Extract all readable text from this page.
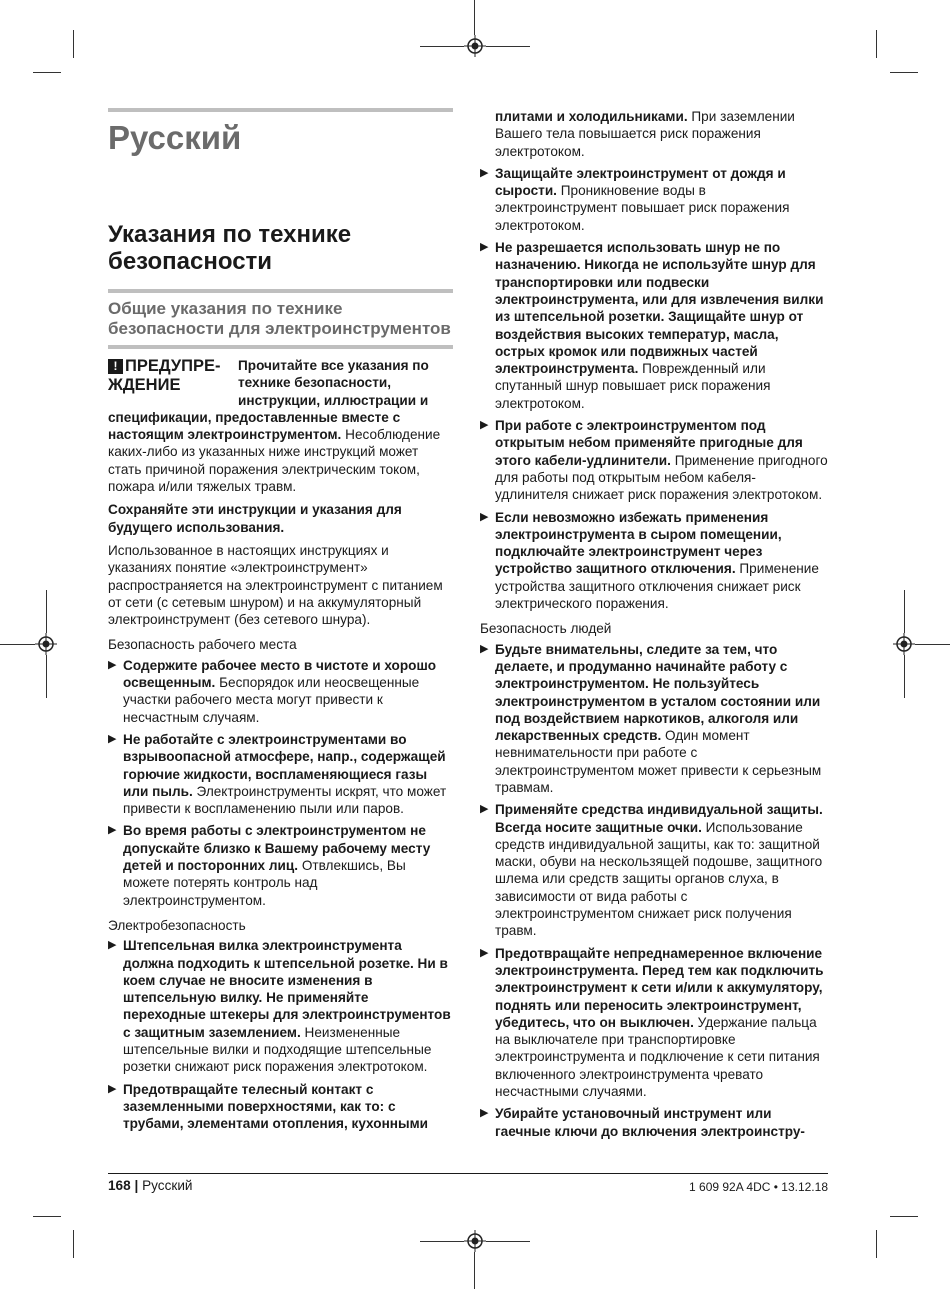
Русский
Указания по технике безопасности
Общие указания по технике безопасности для электроинструментов
! ПРЕДУПРЕ-ЖДЕНИЕ

Прочитайте все указания по технике безопасности, инструкции, иллюстрации и спецификации, предоставленные вместе с настоящим электроинструментом. Несоблюдение каких-либо из указанных ниже инструкций может стать причиной поражения электрическим током, пожара и/или тяжелых травм.

Сохраняйте эти инструкции и указания для будущего использования.

Использованное в настоящих инструкциях и указаниях понятие «электроинструмент» распространяется на электроинструмент с питанием от сети (с сетевым шнуром) и на аккумуляторный электроинструмент (без сетевого шнура).

Безопасность рабочего места
▶ Содержите рабочее место в чистоте и хорошо освещенным. Беспорядок или неосвещенные участки рабочего места могут привести к несчастным случаям.
▶ Не работайте с электроинструментами во взрывоопасной атмосфере, напр., содержащей горючие жидкости, воспламеняющиеся газы или пыль. Электроинструменты искрят, что может привести к воспламенению пыли или паров.
▶ Во время работы с электроинструментом не допускайте близко к Вашему рабочему месту детей и посторонних лиц. Отвлекшись, Вы можете потерять контроль над электроинструментом.
Электробезопасность
▶ Штепсельная вилка электроинструмента должна подходить к штепсельной розетке. Ни в коем случае не вносите изменения в штепсельную вилку. Не применяйте переходные штекеры для электроинструментов с защитным заземлением. Неизмененные штепсельные вилки и подходящие штепсельные розетки снижают риск поражения электротоком.
▶ Предотвращайте телесный контакт с заземленными поверхностями, как то: с трубами, элементами отопления, кухонными

плитами и холодильниками. При заземлении Вашего тела повышается риск поражения электротоком.

▶ Защищайте электроинструмент от дождя и сырости. Проникновение воды в электроинструмент повышает риск поражения электротоком.
▶ Не разрешается использовать шнур не по назначению. Никогда не используйте шнур для транспортировки или подвески электроинструмента, или для извлечения вилки из штепсельной розетки. Защищайте шнур от воздействия высоких температур, масла, острых кромок или подвижных частей электроинструмента. Поврежденный или спутанный шнур повышает риск поражения электротоком.
▶ При работе с электроинструментом под открытым небом применяйте пригодные для этого кабели-удлинители. Применение пригодного для работы под открытым небом кабеля-удлинителя снижает риск поражения электротоком.
▶ Если невозможно избежать применения электроинструмента в сыром помещении, подключайте электроинструмент через устройство защитного отключения. Применение устройства защитного отключения снижает риск электрического поражения.
Безопасность людей
▶ Будьте внимательны, следите за тем, что делаете, и продуманно начинайте работу с электроинструментом. Не пользуйтесь электроинструментом в усталом состоянии или под воздействием наркотиков, алкоголя или лекарственных средств. Один момент невнимательности при работе с электроинструментом может привести к серьезным травмам.
▶ Применяйте средства индивидуальной защиты. Всегда носите защитные очки. Использование средств индивидуальной защиты, как то: защитной маски, обуви на нескользящей подошве, защитного шлема или средств защиты органов слуха, в зависимости от вида работы с электроинструментом снижает риск получения травм.
▶ Предотвращайте непреднамеренное включение электроинструмента. Перед тем как подключить электроинструмент к сети и/или к аккумулятору, поднять или переносить электроинструмент, убедитесь, что он выключен. Удержание пальца на выключателе при транспортировке электроинструмента и подключение к сети питания включенного электроинструмента чревато несчастными случаями.
▶ Убирайте установочный инструмент или гаечные ключи до включения электроинстру-
168 | Русский	1 609 92A 4DC • 13.12.18
